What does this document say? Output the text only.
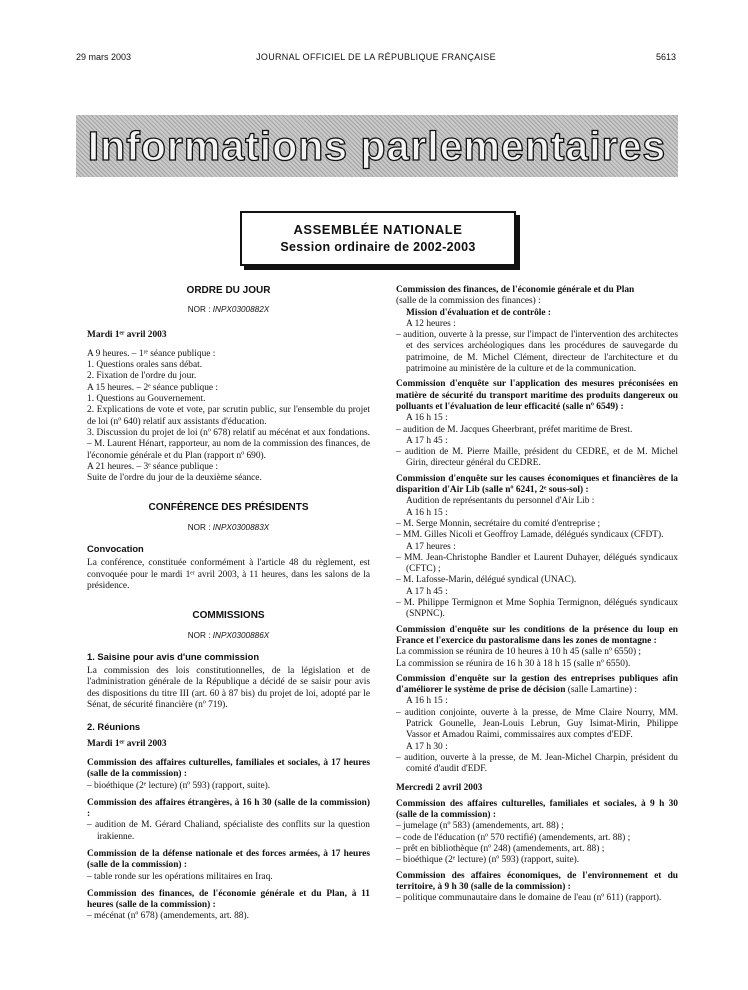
29 mars 2003	JOURNAL OFFICIEL DE LA RÉPUBLIQUE FRANÇAISE	5613
Informations parlementaires
ASSEMBLÉE NATIONALE
Session ordinaire de 2002-2003
ORDRE DU JOUR
NOR : INPX0300882X

Mardi 1ᵉʳ avril 2003

A 9 heures. – 1ʳᵉ séance publique :

1. Questions orales sans débat.

2. Fixation de l'ordre du jour.

A 15 heures. – 2ᵉ séance publique :

1. Questions au Gouvernement.

2. Explications de vote et vote, par scrutin public, sur l'ensemble du projet de loi (nº 640) relatif aux assistants d'éducation.

3. Discussion du projet de loi (nº 678) relatif au mécénat et aux fondations. – M. Laurent Hénart, rapporteur, au nom de la commission des finances, de l'économie générale et du Plan (rapport nº 690).

A 21 heures. – 3ᵉ séance publique :

Suite de l'ordre du jour de la deuxième séance.

CONFÉRENCE DES PRÉSIDENTS
NOR : INPX0300883X

Convocation

La conférence, constituée conformément à l'article 48 du règlement, est convoquée pour le mardi 1ᵉʳ avril 2003, à 11 heures, dans les salons de la présidence.

COMMISSIONS
NOR : INPX0300886X

1. Saisine pour avis d'une commission

La commission des lois constitutionnelles, de la législation et de l'administration générale de la République a décidé de se saisir pour avis des dispositions du titre III (art. 60 à 87 bis) du projet de loi, adopté par le Sénat, de sécurité financière (nº 719).

2. Réunions

Mardi 1ᵉʳ avril 2003

Commission des affaires culturelles, familiales et sociales, à 17 heures (salle de la commission) :

– bioéthique (2ᵉ lecture) (nº 593) (rapport, suite).

Commission des affaires étrangères, à 16 h 30 (salle de la commission) :

– audition de M. Gérard Chaliand, spécialiste des conflits sur la question irakienne.

Commission de la défense nationale et des forces armées, à 17 heures (salle de la commission) :

– table ronde sur les opérations militaires en Iraq.

Commission des finances, de l'économie générale et du Plan, à 11 heures (salle de la commission) :

– mécénat (nº 678) (amendements, art. 88).

Commission des finances, de l'économie générale et du Plan

(salle de la commission des finances) :

Mission d'évaluation et de contrôle :

A 12 heures :

– audition, ouverte à la presse, sur l'impact de l'intervention des architectes et des services archéologiques dans les procédures de sauvegarde du patrimoine, de M. Michel Clément, directeur de l'architecture et du patrimoine au ministère de la culture et de la communication.

Commission d'enquête sur l'application des mesures préconisées en matière de sécurité du transport maritime des produits dangereux ou polluants et l'évaluation de leur efficacité (salle nº 6549) :

A 16 h 15 :

– audition de M. Jacques Gheerbrant, préfet maritime de Brest.

A 17 h 45 :

– audition de M. Pierre Maille, président du CEDRE, et de M. Michel Girin, directeur général du CEDRE.

Commission d'enquête sur les causes économiques et financières de la disparition d'Air Lib (salle nº 6241, 2ᵉ sous-sol) :

Audition de représentants du personnel d'Air Lib :

A 16 h 15 :

– M. Serge Monnin, secrétaire du comité d'entreprise ;

– MM. Gilles Nicoli et Geoffroy Lamade, délégués syndicaux (CFDT).

A 17 heures :

– MM. Jean-Christophe Bandler et Laurent Duhayer, délégués syndicaux (CFTC) ;

– M. Lafosse-Marin, délégué syndical (UNAC).

A 17 h 45 :

– M. Philippe Termignon et Mme Sophia Termignon, délégués syndicaux (SNPNC).

Commission d'enquête sur les conditions de la présence du loup en France et l'exercice du pastoralisme dans les zones de montagne :

La commission se réunira de 10 heures à 10 h 45 (salle nº 6550) ;

La commission se réunira de 16 h 30 à 18 h 15 (salle nº 6550).

Commission d'enquête sur la gestion des entreprises publiques afin d'améliorer le système de prise de décision (salle Lamartine) :

A 16 h 15 :

– audition conjointe, ouverte à la presse, de Mme Claire Nourry, MM. Patrick Gounelle, Jean-Louis Lebrun, Guy Isimat-Mirin, Philippe Vassor et Amadou Raimi, commissaires aux comptes d'EDF.

A 17 h 30 :

– audition, ouverte à la presse, de M. Jean-Michel Charpin, président du comité d'audit d'EDF.

Mercredi 2 avril 2003

Commission des affaires culturelles, familiales et sociales, à 9 h 30 (salle de la commission) :

– jumelage (nº 583) (amendements, art. 88) ;

– code de l'éducation (nº 570 rectifié) (amendements, art. 88) ;

– prêt en bibliothèque (nº 248) (amendements, art. 88) ;

– bioéthique (2ᵉ lecture) (nº 593) (rapport, suite).

Commission des affaires économiques, de l'environnement et du territoire, à 9 h 30 (salle de la commission) :

– politique communautaire dans le domaine de l'eau (nº 611) (rapport).
